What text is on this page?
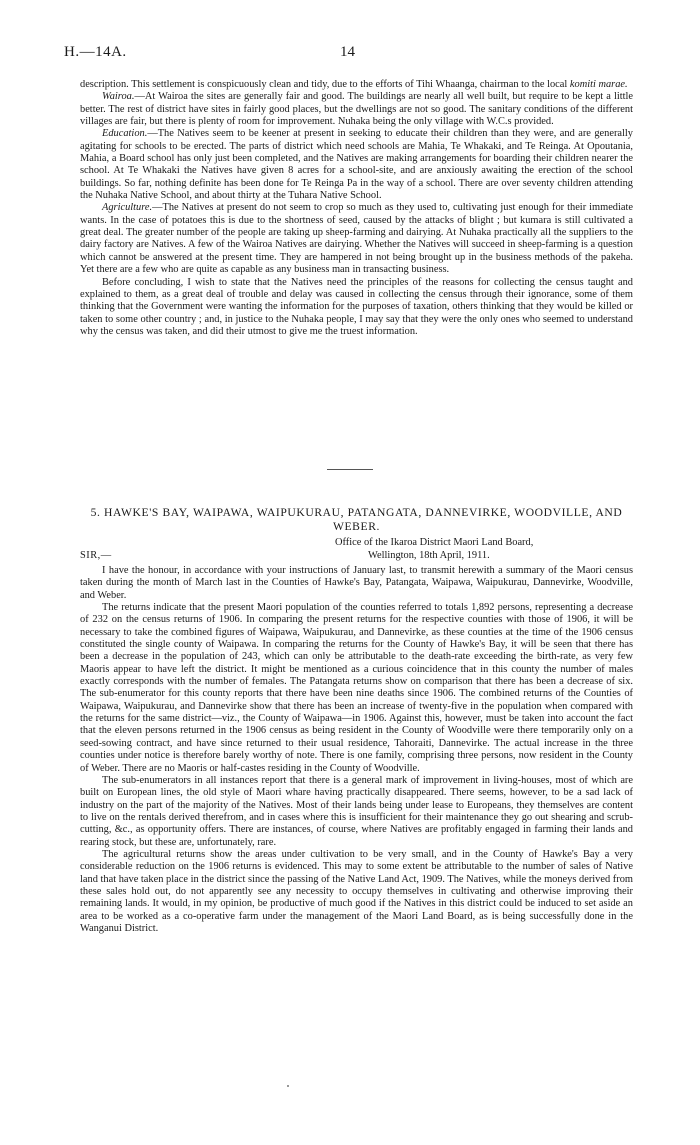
H.—14A.	14

description. This settlement is conspicuously clean and tidy, due to the efforts of Tihi Whaanga, chairman to the local komiti marae.

Wairoa.—At Wairoa the sites are generally fair and good. The buildings are nearly all well built, but require to be kept a little better. The rest of district have sites in fairly good places, but the dwellings are not so good. The sanitary conditions of the different villages are fair, but there is plenty of room for improvement. Nuhaka being the only village with W.C.s provided.

Education.—The Natives seem to be keener at present in seeking to educate their children than they were, and are generally agitating for schools to be erected. The parts of district which need schools are Mahia, Te Whakaki, and Te Reinga. At Opoutania, Mahia, a Board school has only just been completed, and the Natives are making arrangements for boarding their children nearer the school. At Te Whakaki the Natives have given 8 acres for a school-site, and are anxiously awaiting the erection of the school buildings. So far, nothing definite has been done for Te Reinga Pa in the way of a school. There are over seventy children attending the Nuhaka Native School, and about thirty at the Tuhara Native School.

Agriculture.—The Natives at present do not seem to crop so much as they used to, cultivating just enough for their immediate wants. In the case of potatoes this is due to the shortness of seed, caused by the attacks of blight ; but kumara is still cultivated a great deal. The greater number of the people are taking up sheep-farming and dairying. At Nuhaka practically all the suppliers to the dairy factory are Natives. A few of the Wairoa Natives are dairying. Whether the Natives will succeed in sheep-farming is a question which cannot be answered at the present time. They are hampered in not being brought up in the business methods of the pakeha. Yet there are a few who are quite as capable as any business man in transacting business.

Before concluding, I wish to state that the Natives need the principles of the reasons for collecting the census taught and explained to them, as a great deal of trouble and delay was caused in collecting the census through their ignorance, some of them thinking that the Government were wanting the information for the purposes of taxation, others thinking that they would be killed or taken to some other country ; and, in justice to the Nuhaka people, I may say that they were the only ones who seemed to understand why the census was taken, and did their utmost to give me the truest information.

5. HAWKE'S BAY, WAIPAWA, WAIPUKURAU, PATANGATA, DANNEVIRKE, WOODVILLE, AND WEBER.
Office of the Ikaroa District Maori Land Board,
SIR,—	Wellington, 18th April, 1911.

I have the honour, in accordance with your instructions of January last, to transmit herewith a summary of the Maori census taken during the month of March last in the Counties of Hawke's Bay, Patangata, Waipawa, Waipukurau, Dannevirke, Woodville, and Weber.

The returns indicate that the present Maori population of the counties referred to totals 1,892 persons, representing a decrease of 232 on the census returns of 1906. In comparing the present returns for the respective counties with those of 1906, it will be necessary to take the combined figures of Waipawa, Waipukurau, and Dannevirke, as these counties at the time of the 1906 census constituted the single county of Waipawa. In comparing the returns for the County of Hawke's Bay, it will be seen that there has been a decrease in the population of 243, which can only be attributable to the death-rate exceeding the birth-rate, as very few Maoris appear to have left the district. It might be mentioned as a curious coincidence that in this county the number of males exactly corresponds with the number of females. The Patangata returns show on comparison that there has been a decrease of six. The sub-enumerator for this county reports that there have been nine deaths since 1906. The combined returns of the Counties of Waipawa, Waipukurau, and Dannevirke show that there has been an increase of twenty-five in the population when compared with the returns for the same district—viz., the County of Waipawa—in 1906. Against this, however, must be taken into account the fact that the eleven persons returned in the 1906 census as being resident in the County of Woodville were there temporarily only on a seed-sowing contract, and have since returned to their usual residence, Tahoraiti, Dannevirke. The actual increase in the three counties under notice is therefore barely worthy of note. There is one family, comprising three persons, now resident in the County of Weber. There are no Maoris or half-castes residing in the County of Woodville.

The sub-enumerators in all instances report that there is a general mark of improvement in living-houses, most of which are built on European lines, the old style of Maori whare having practically disappeared. There seems, however, to be a sad lack of industry on the part of the majority of the Natives. Most of their lands being under lease to Europeans, they themselves are content to live on the rentals derived therefrom, and in cases where this is insufficient for their maintenance they go out shearing and scrub-cutting, &c., as opportunity offers. There are instances, of course, where Natives are profitably engaged in farming their lands and rearing stock, but these are, unfortunately, rare.

The agricultural returns show the areas under cultivation to be very small, and in the County of Hawke's Bay a very considerable reduction on the 1906 returns is evidenced. This may to some extent be attributable to the number of sales of Native land that have taken place in the district since the passing of the Native Land Act, 1909. The Natives, while the moneys derived from these sales hold out, do not apparently see any necessity to occupy themselves in cultivating and otherwise improving their remaining lands. It would, in my opinion, be productive of much good if the Natives in this district could be induced to set aside an area to be worked as a co-operative farm under the management of the Maori Land Board, as is being successfully done in the Wanganui District.
